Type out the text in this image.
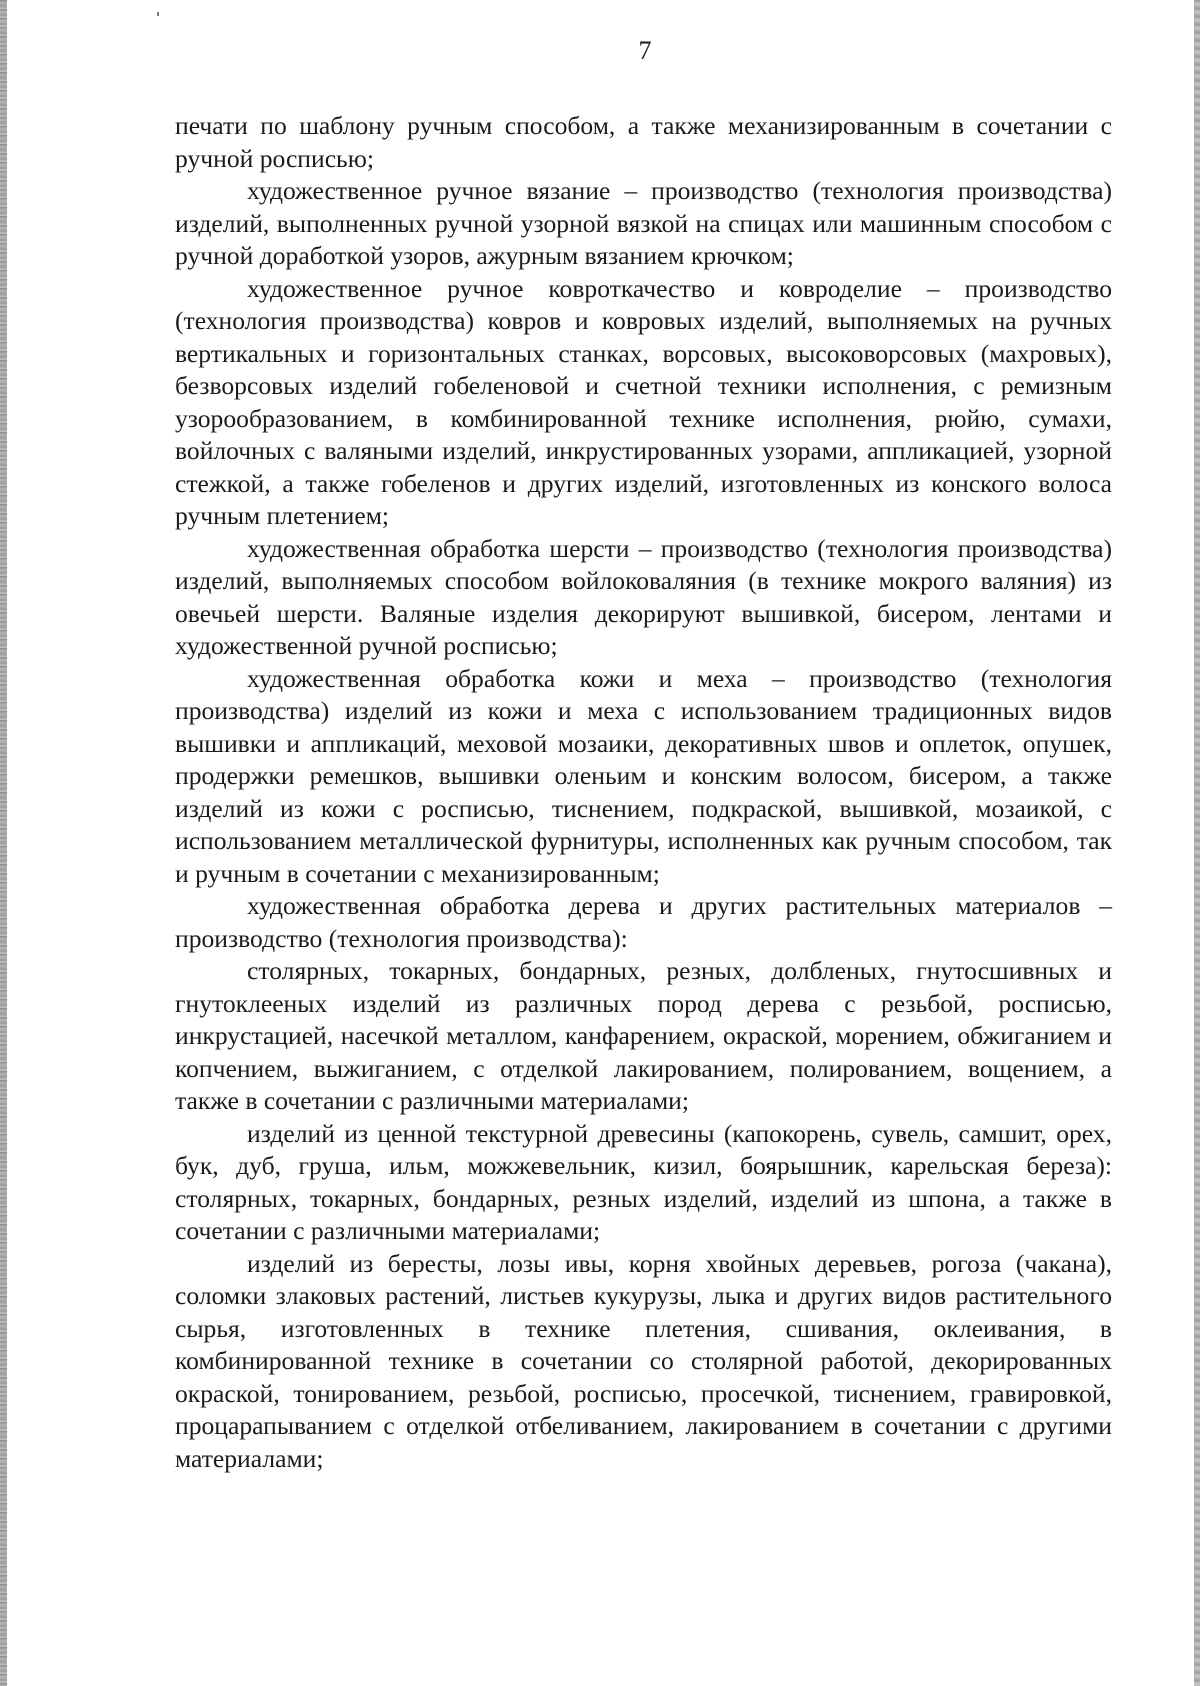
7

печати по шаблону ручным способом, а также механизированным в сочетании с ручной росписью;

художественное ручное вязание – производство (технология производства) изделий, выполненных ручной узорной вязкой на спицах или машинным способом с ручной доработкой узоров, ажурным вязанием крючком;

художественное ручное ковроткачество и ковроделие – производство (технология производства) ковров и ковровых изделий, выполняемых на ручных вертикальных и горизонтальных станках, ворсовых, высоковорсовых (махровых), безворсовых изделий гобеленовой и счетной техники исполнения, с ремизным узорообразованием, в комбинированной технике исполнения, рюйю, сумахи, войлочных с валяными изделий, инкрустированных узорами, аппликацией, узорной стежкой, а также гобеленов и других изделий, изготовленных из конского волоса ручным плетением;

художественная обработка шерсти – производство (технология производства) изделий, выполняемых способом войлоковаляния (в технике мокрого валяния) из овечьей шерсти. Валяные изделия декорируют вышивкой, бисером, лентами и художественной ручной росписью;

художественная обработка кожи и меха – производство (технология производства) изделий из кожи и меха с использованием традиционных видов вышивки и аппликаций, меховой мозаики, декоративных швов и оплеток, опушек, продержки ремешков, вышивки оленьим и конским волосом, бисером, а также изделий из кожи с росписью, тиснением, подкраской, вышивкой, мозаикой, с использованием металлической фурнитуры, исполненных как ручным способом, так и ручным в сочетании с механизированным;

художественная обработка дерева и других растительных материалов – производство (технология производства):

столярных, токарных, бондарных, резных, долбленых, гнутосшивных и гнутоклееных изделий из различных пород дерева с резьбой, росписью, инкрустацией, насечкой металлом, канфарением, окраской, морением, обжиганием и копчением, выжиганием, с отделкой лакированием, полированием, вощением, а также в сочетании с различными материалами;

изделий из ценной текстурной древесины (капокорень, сувель, самшит, орех, бук, дуб, груша, ильм, можжевельник, кизил, боярышник, карельская береза): столярных, токарных, бондарных, резных изделий, изделий из шпона, а также в сочетании с различными материалами;

изделий из бересты, лозы ивы, корня хвойных деревьев, рогоза (чакана), соломки злаковых растений, листьев кукурузы, лыка и других видов растительного сырья, изготовленных в технике плетения, сшивания, оклеивания, в комбинированной технике в сочетании со столярной работой, декорированных окраской, тонированием, резьбой, росписью, просечкой, тиснением, гравировкой, процарапыванием с отделкой отбеливанием, лакированием в сочетании с другими материалами;
